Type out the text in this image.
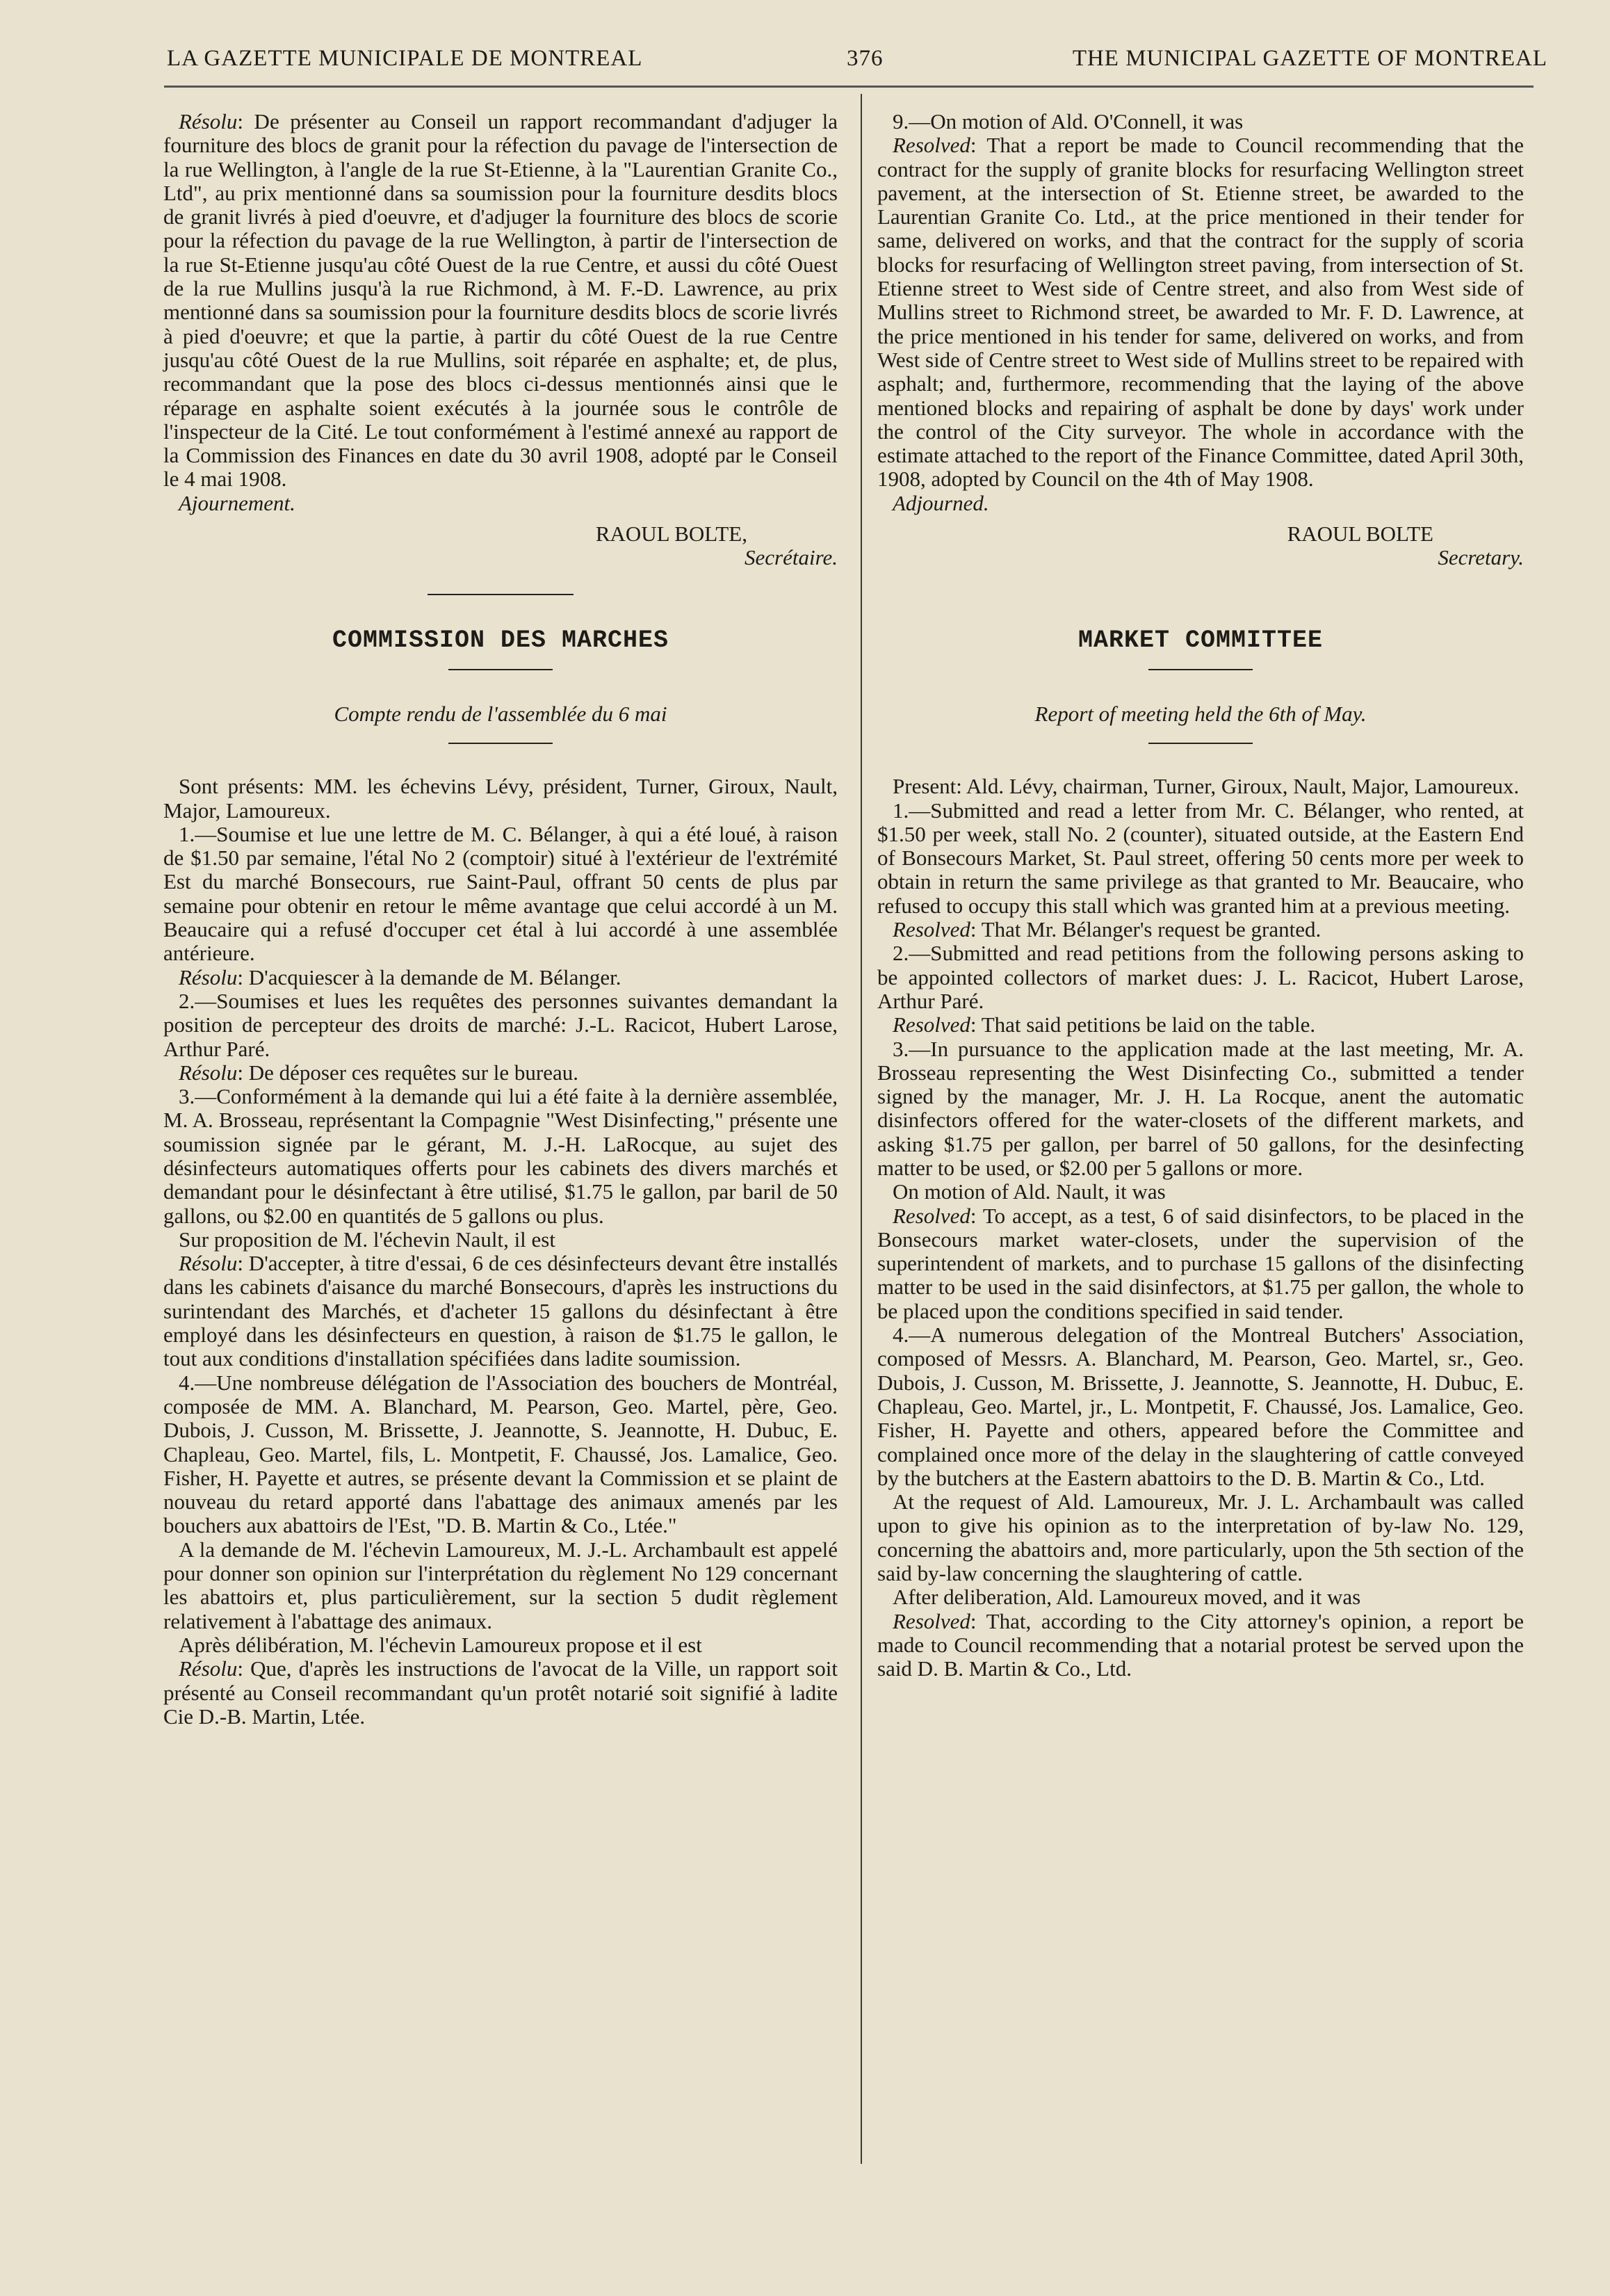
LA GAZETTE MUNICIPALE DE MONTREAL	376	THE MUNICIPAL GAZETTE OF MONTREAL

Résolu: De présenter au Conseil un rapport recommandant d'adjuger la fourniture des blocs de granit pour la réfection du pavage de l'intersection de la rue Wellington, à l'angle de la rue St-Etienne, à la "Laurentian Granite Co., Ltd", au prix mentionné dans sa soumission pour la fourniture desdits blocs de granit livrés à pied d'oeuvre, et d'adjuger la fourniture des blocs de scorie pour la réfection du pavage de la rue Wellington, à partir de l'intersection de la rue St-Etienne jusqu'au côté Ouest de la rue Centre, et aussi du côté Ouest de la rue Mullins jusqu'à la rue Richmond, à M. F.-D. Lawrence, au prix mentionné dans sa soumission pour la fourniture desdits blocs de scorie livrés à pied d'oeuvre; et que la partie, à partir du côté Ouest de la rue Centre jusqu'au côté Ouest de la rue Mullins, soit réparée en asphalte; et, de plus, recommandant que la pose des blocs ci-dessus mentionnés ainsi que le réparage en asphalte soient exécutés à la journée sous le contrôle de l'inspecteur de la Cité. Le tout conformément à l'estimé annexé au rapport de la Commission des Finances en date du 30 avril 1908, adopté par le Conseil le 4 mai 1908.

Ajournement.

RAOUL BOLTE,
Secrétaire.
COMMISSION DES MARCHES
Compte rendu de l'assemblée du 6 mai

Sont présents: MM. les échevins Lévy, président, Turner, Giroux, Nault, Major, Lamoureux.

1.—Soumise et lue une lettre de M. C. Bélanger, à qui a été loué, à raison de $1.50 par semaine, l'étal No 2 (comptoir) situé à l'extérieur de l'extrémité Est du marché Bonsecours, rue Saint-Paul, offrant 50 cents de plus par semaine pour obtenir en retour le même avantage que celui accordé à un M. Beaucaire qui a refusé d'occuper cet étal à lui accordé à une assemblée antérieure.

Résolu: D'acquiescer à la demande de M. Bélanger.

2.—Soumises et lues les requêtes des personnes suivantes demandant la position de percepteur des droits de marché: J.-L. Racicot, Hubert Larose, Arthur Paré.

Résolu: De déposer ces requêtes sur le bureau.

3.—Conformément à la demande qui lui a été faite à la dernière assemblée, M. A. Brosseau, représentant la Compagnie "West Disinfecting," présente une soumission signée par le gérant, M. J.-H. LaRocque, au sujet des désinfecteurs automatiques offerts pour les cabinets des divers marchés et demandant pour le désinfectant à être utilisé, $1.75 le gallon, par baril de 50 gallons, ou $2.00 en quantités de 5 gallons ou plus.

Sur proposition de M. l'échevin Nault, il est

Résolu: D'accepter, à titre d'essai, 6 de ces désinfecteurs devant être installés dans les cabinets d'aisance du marché Bonsecours, d'après les instructions du surintendant des Marchés, et d'acheter 15 gallons du désinfectant à être employé dans les désinfecteurs en question, à raison de $1.75 le gallon, le tout aux conditions d'installation spécifiées dans ladite soumission.

4.—Une nombreuse délégation de l'Association des bouchers de Montréal, composée de MM. A. Blanchard, M. Pearson, Geo. Martel, père, Geo. Dubois, J. Cusson, M. Brissette, J. Jeannotte, S. Jeannotte, H. Dubuc, E. Chapleau, Geo. Martel, fils, L. Montpetit, F. Chaussé, Jos. Lamalice, Geo. Fisher, H. Payette et autres, se présente devant la Commission et se plaint de nouveau du retard apporté dans l'abattage des animaux amenés par les bouchers aux abattoirs de l'Est, "D. B. Martin & Co., Ltée."

A la demande de M. l'échevin Lamoureux, M. J.-L. Archambault est appelé pour donner son opinion sur l'interprétation du règlement No 129 concernant les abattoirs et, plus particulièrement, sur la section 5 dudit règlement relativement à l'abattage des animaux.

Après délibération, M. l'échevin Lamoureux propose et il est

Résolu: Que, d'après les instructions de l'avocat de la Ville, un rapport soit présenté au Conseil recommandant qu'un protêt notarié soit signifié à ladite Cie D.-B. Martin, Ltée.

9.—On motion of Ald. O'Connell, it was

Resolved: That a report be made to Council recommending that the contract for the supply of granite blocks for resurfacing Wellington street pavement, at the intersection of St. Etienne street, be awarded to the Laurentian Granite Co. Ltd., at the price mentioned in their tender for same, delivered on works, and that the contract for the supply of scoria blocks for resurfacing of Wellington street paving, from intersection of St. Etienne street to West side of Centre street, and also from West side of Mullins street to Richmond street, be awarded to Mr. F. D. Lawrence, at the price mentioned in his tender for same, delivered on works, and from West side of Centre street to West side of Mullins street to be repaired with asphalt; and, furthermore, recommending that the laying of the above mentioned blocks and repairing of asphalt be done by days' work under the control of the City surveyor. The whole in accordance with the estimate attached to the report of the Finance Committee, dated April 30th, 1908, adopted by Council on the 4th of May 1908.

Adjourned.

RAOUL BOLTE
Secretary.
MARKET COMMITTEE
Report of meeting held the 6th of May.

Present: Ald. Lévy, chairman, Turner, Giroux, Nault, Major, Lamoureux.

1.—Submitted and read a letter from Mr. C. Bélanger, who rented, at $1.50 per week, stall No. 2 (counter), situated outside, at the Eastern End of Bonsecours Market, St. Paul street, offering 50 cents more per week to obtain in return the same privilege as that granted to Mr. Beaucaire, who refused to occupy this stall which was granted him at a previous meeting.

Resolved: That Mr. Bélanger's request be granted.

2.—Submitted and read petitions from the following persons asking to be appointed collectors of market dues: J. L. Racicot, Hubert Larose, Arthur Paré.

Resolved: That said petitions be laid on the table.

3.—In pursuance to the application made at the last meeting, Mr. A. Brosseau representing the West Disinfecting Co., submitted a tender signed by the manager, Mr. J. H. La Rocque, anent the automatic disinfectors offered for the water-closets of the different markets, and asking $1.75 per gallon, per barrel of 50 gallons, for the desinfecting matter to be used, or $2.00 per 5 gallons or more.

On motion of Ald. Nault, it was

Resolved: To accept, as a test, 6 of said disinfectors, to be placed in the Bonsecours market water-closets, under the supervision of the superintendent of markets, and to purchase 15 gallons of the disinfecting matter to be used in the said disinfectors, at $1.75 per gallon, the whole to be placed upon the conditions specified in said tender.

4.—A numerous delegation of the Montreal Butchers' Association, composed of Messrs. A. Blanchard, M. Pearson, Geo. Martel, sr., Geo. Dubois, J. Cusson, M. Brissette, J. Jeannotte, S. Jeannotte, H. Dubuc, E. Chapleau, Geo. Martel, jr., L. Montpetit, F. Chaussé, Jos. Lamalice, Geo. Fisher, H. Payette and others, appeared before the Committee and complained once more of the delay in the slaughtering of cattle conveyed by the butchers at the Eastern abattoirs to the D. B. Martin & Co., Ltd.

At the request of Ald. Lamoureux, Mr. J. L. Archambault was called upon to give his opinion as to the interpretation of by-law No. 129, concerning the abattoirs and, more particularly, upon the 5th section of the said by-law concerning the slaughtering of cattle.

After deliberation, Ald. Lamoureux moved, and it was

Resolved: That, according to the City attorney's opinion, a report be made to Council recommending that a notarial protest be served upon the said D. B. Martin & Co., Ltd.
